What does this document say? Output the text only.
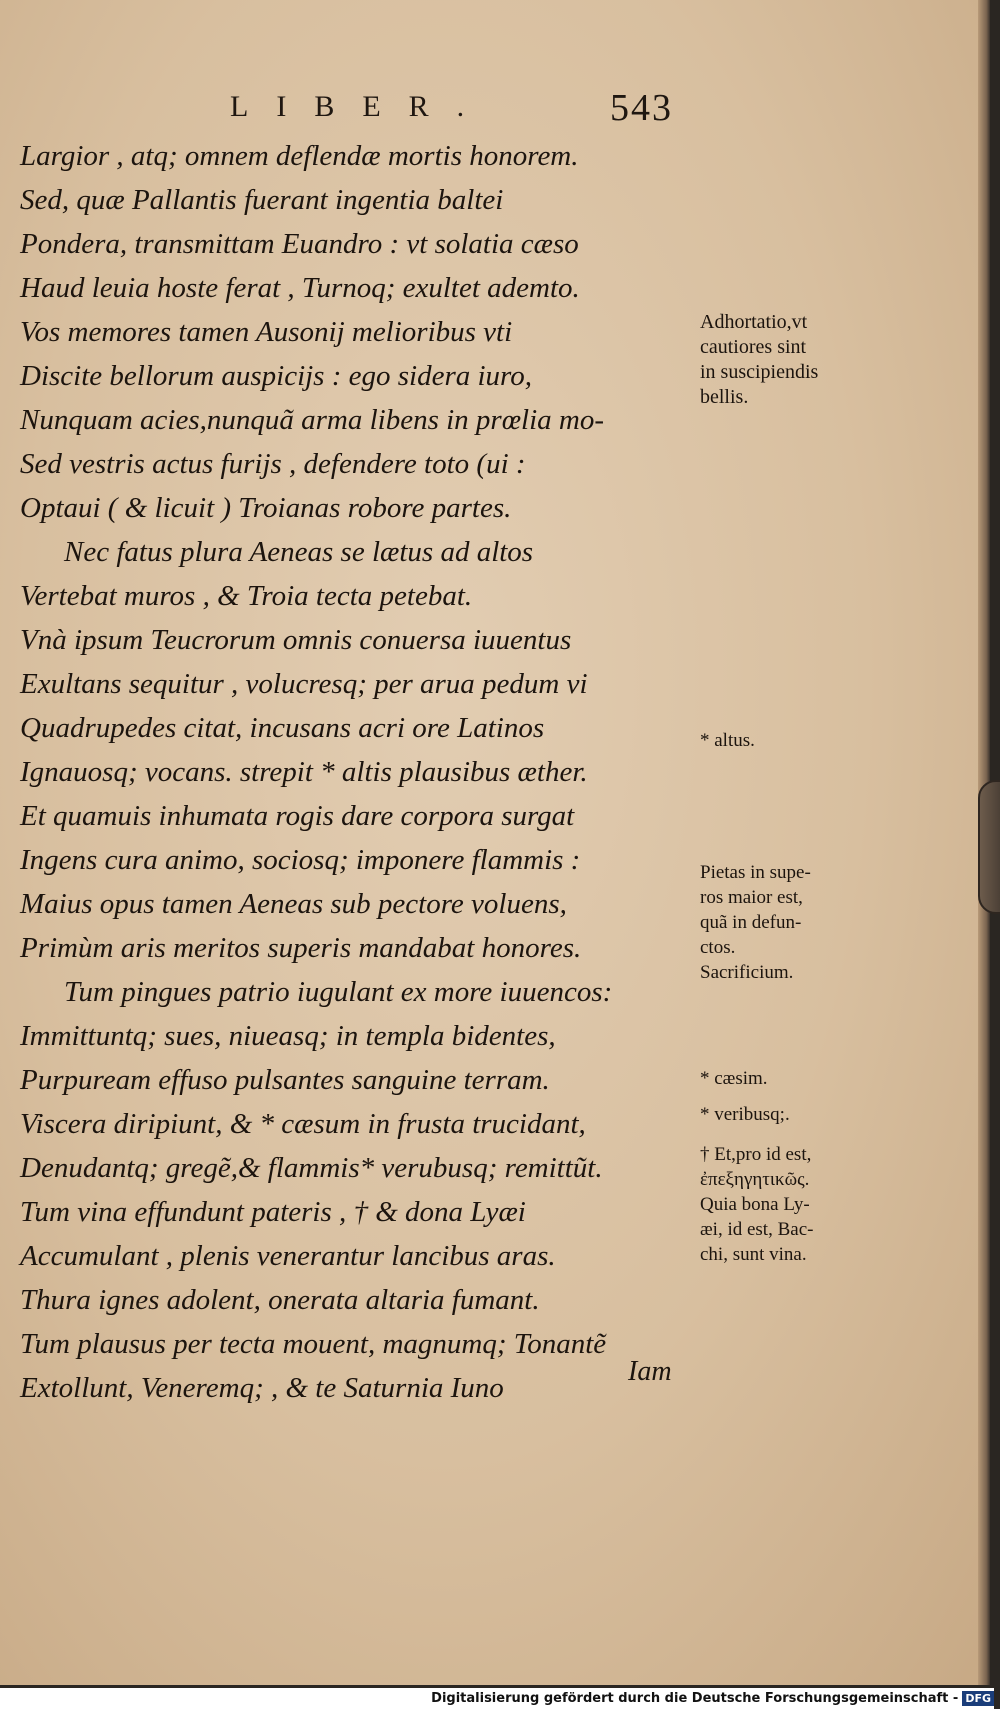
LIBER.	543
Largior , atq; omnem deflendæ mortis honorem.
Sed, quæ Pallantis fuerant ingentia baltei
Pondera, transmittam Euandro : vt solatia cæso
Haud leuia hoste ferat , Turnoq; exultet ademto.
Vos memores tamen Ausonij melioribus vti
Discite bellorum auspicijs : ego sidera iuro,
Nunquam acies,nunquã arma libens in prœlia mo-
Sed vestris actus furijs , defendere toto (ui :
Optaui ( & licuit ) Troianas robore partes.
Nec fatus plura Aeneas se lætus ad altos
Vertebat muros , & Troia tecta petebat.
Vnà ipsum Teucrorum omnis conuersa iuuentus
Exultans sequitur , volucresq; per arua pedum vi
Quadrupedes citat, incusans acri ore Latinos
Ignauosq; vocans. strepit * altis plausibus æther.
Et quamuis inhumata rogis dare corpora surgat
Ingens cura animo, sociosq; imponere flammis :
Maius opus tamen Aeneas sub pectore voluens,
Primùm aris meritos superis mandabat honores.
Tum pingues patrio iugulant ex more iuuencos:
Immittuntq; sues, niueasq; in templa bidentes,
Purpuream effuso pulsantes sanguine terram.
Viscera diripiunt, & * cæsum in frusta trucidant,
Denudantq; gregẽ,& flammis* verubusq; remittũt.
Tum vina effundunt pateris , † & dona Lyæi
Accumulant , plenis venerantur lancibus aras.
Thura ignes adolent, onerata altaria fumant.
Tum plausus per tecta mouent, magnumq; Tonantẽ
Extollunt, Veneremq; , & te Saturnia Iuno
Iam
Adhortatio,vt
cautiores sint
in suscipiendis
bellis.
* altus.
Pietas in supe-
ros maior est,
quã in defun-
ctos.
Sacrificium.
* cæsim.
* veribusq;.
† Et,pro id est,
ἐπεξηγητικῶς.
Quia bona Ly-
æi, id est, Bac-
chi, sunt vina.
Digitalisierung gefördert durch die Deutsche Forschungsgemeinschaft - DFG
